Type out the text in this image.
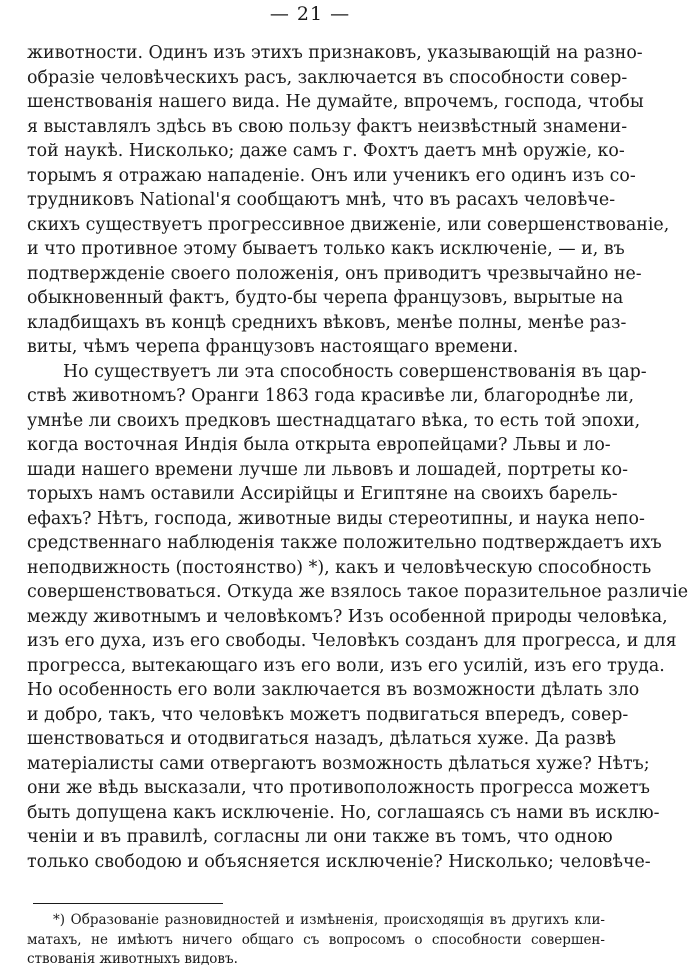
— 21 —
животности. Одинъ изъ этихъ признаковъ, указывающій на разно-
образіе человѣческихъ расъ, заключается въ способности совер-
шенствованія нашего вида. Не думайте, впрочемъ, господа, чтобы
я выставлялъ здѣсь въ свою пользу фактъ неизвѣстный знамени-
той наукѣ. Нисколько; даже самъ г. Фохтъ даетъ мнѣ оружіе, ко-
торымъ я отражаю нападеніе. Онъ или ученикъ его одинъ изъ со-
трудниковъ National'я сообщаютъ мнѣ, что въ расахъ человѣче-
скихъ существуетъ прогрессивное движеніе, или совершенствованіе,
и что противное этому бываетъ только какъ исключеніе, — и, въ
подтвержденіе своего положенія, онъ приводитъ чрезвычайно не-
обыкновенный фактъ, будто-бы черепа французовъ, вырытые на
кладбищахъ въ концѣ среднихъ вѣковъ, менѣе полны, менѣе раз-
виты, чѣмъ черепа французовъ настоящаго времени.
Но существуетъ ли эта способность совершенствованія въ цар-
ствѣ животномъ? Оранги 1863 года красивѣе ли, благороднѣе ли,
умнѣе ли своихъ предковъ шестнадцатаго вѣка, то есть той эпохи,
когда восточная Индія была открыта европейцами? Львы и ло-
шади нашего времени лучше ли львовъ и лошадей, портреты ко-
торыхъ намъ оставили Ассирійцы и Египтяне на своихъ барель-
ефахъ? Нѣтъ, господа, животные виды стереотипны, и наука непо-
средственнаго наблюденія также положительно подтверждаетъ ихъ
неподвижность (постоянство) *), какъ и человѣческую способность
совершенствоваться. Откуда же взялось такое поразительное различіе
между животнымъ и человѣкомъ? Изъ особенной природы человѣка,
изъ его духа, изъ его свободы. Человѣкъ созданъ для прогресса, и для
прогресса, вытекающаго изъ его воли, изъ его усилій, изъ его труда.
Но особенность его воли заключается въ возможности дѣлать зло
и добро, такъ, что человѣкъ можетъ подвигаться впередъ, совер-
шенствоваться и отодвигаться назадъ, дѣлаться хуже. Да развѣ
матеріалисты сами отвергаютъ возможность дѣлаться хуже? Нѣтъ;
они же вѣдь высказали, что противоположность прогресса можетъ
быть допущена какъ исключеніе. Но, соглашаясь съ нами въ исклю-
ченіи и въ правилѣ, согласны ли они также въ томъ, что одною
только свободою и объясняется исключеніе? Нисколько; человѣче-
*) Образованіе разновидностей и измѣненія, происходящія въ другихъ кли-
матахъ, не имѣютъ ничего общаго съ вопросомъ о способности совершен-
ствованія животныхъ видовъ.
